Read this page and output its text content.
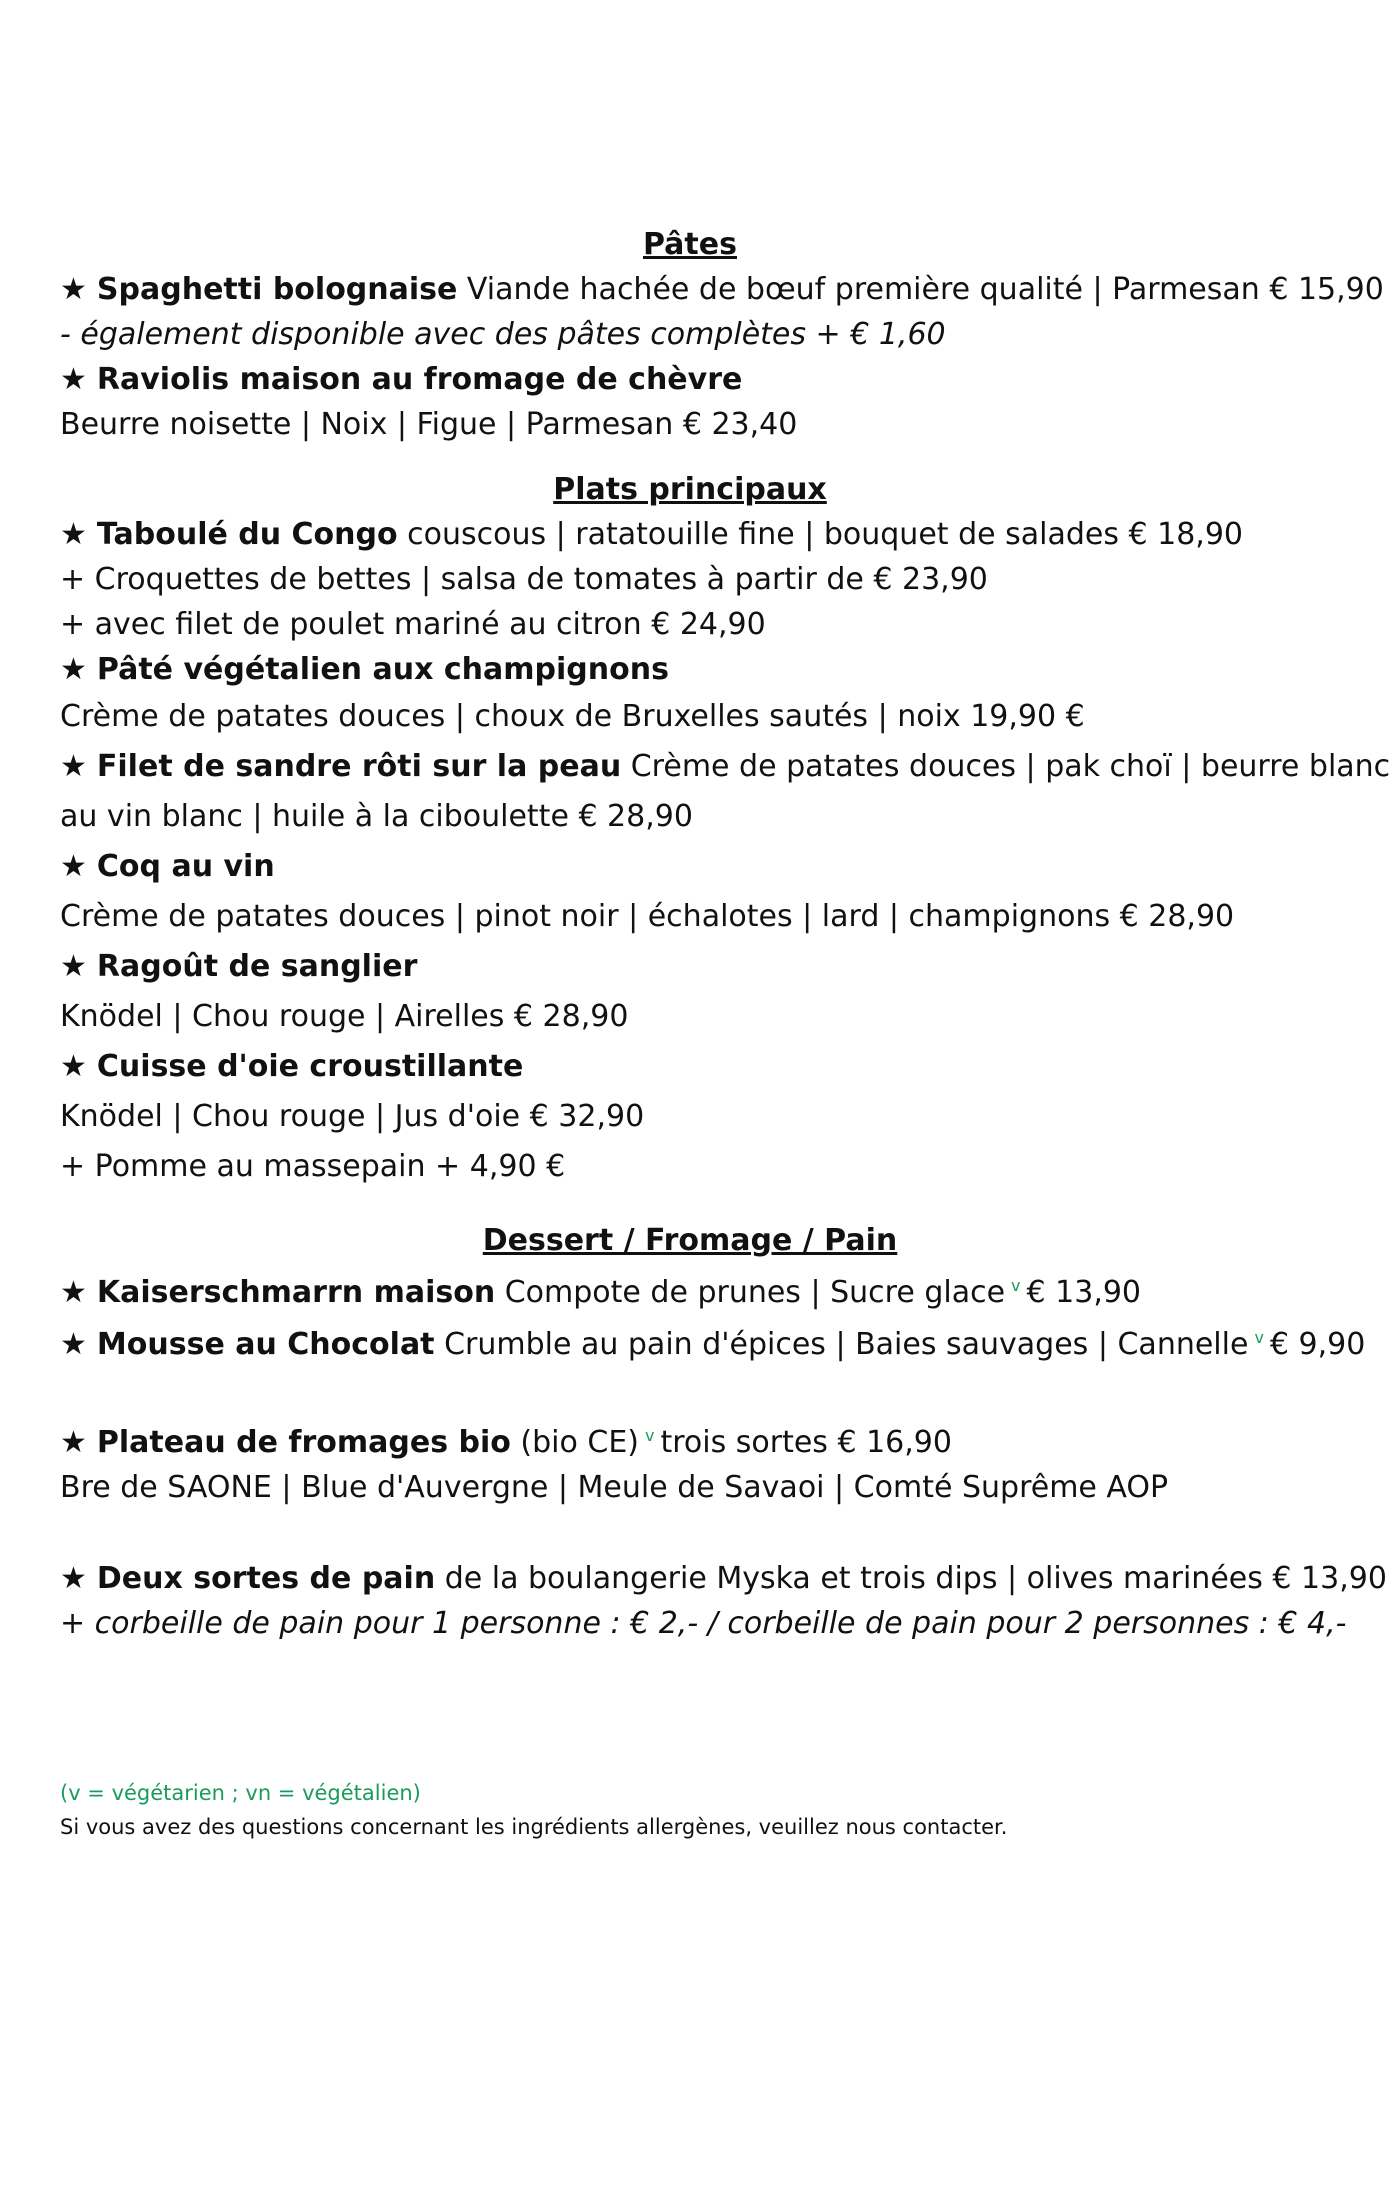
Pâtes
★ Spaghetti bolognaise Viande hachée de bœuf première qualité | Parmesan € 15,90
- également disponible avec des pâtes complètes + € 1,60
★ Raviolis maison au fromage de chèvre
Beurre noisette | Noix | Figue | Parmesan € 23,40
Plats principaux
★ Taboulé du Congo couscous | ratatouille fine | bouquet de salades € 18,90
+ Croquettes de bettes | salsa de tomates à partir de € 23,90
+ avec filet de poulet mariné au citron € 24,90
★ Pâté végétalien aux champignons
Crème de patates douces | choux de Bruxelles sautés | noix 19,90 €
★ Filet de sandre rôti sur la peau Crème de patates douces | pak choï | beurre blanc
au vin blanc | huile à la ciboulette € 28,90
★ Coq au vin
Crème de patates douces | pinot noir | échalotes | lard | champignons € 28,90
★ Ragoût de sanglier
Knödel | Chou rouge | Airelles € 28,90
★ Cuisse d'oie croustillante
Knödel | Chou rouge | Jus d'oie € 32,90
+ Pomme au massepain + 4,90 €
Dessert / Fromage / Pain
★ Kaiserschmarrn maison Compote de prunes | Sucre glace $^v$ € 13,90
★ Mousse au Chocolat Crumble au pain d'épices | Baies sauvages | Cannelle $^v$ € 9,90
★ Plateau de fromages bio (bio CE) $^v$ trois sortes € 16,90
Bre de SAONE | Blue d'Auvergne | Meule de Savaoi | Comté Suprême AOP
★ Deux sortes de pain de la boulangerie Myska et trois dips | olives marinées € 13,90
+ corbeille de pain pour 1 personne : € 2,- / corbeille de pain pour 2 personnes : € 4,-
(v = végétarien ; vn = végétalien)
Si vous avez des questions concernant les ingrédients allergènes, veuillez nous contacter.
